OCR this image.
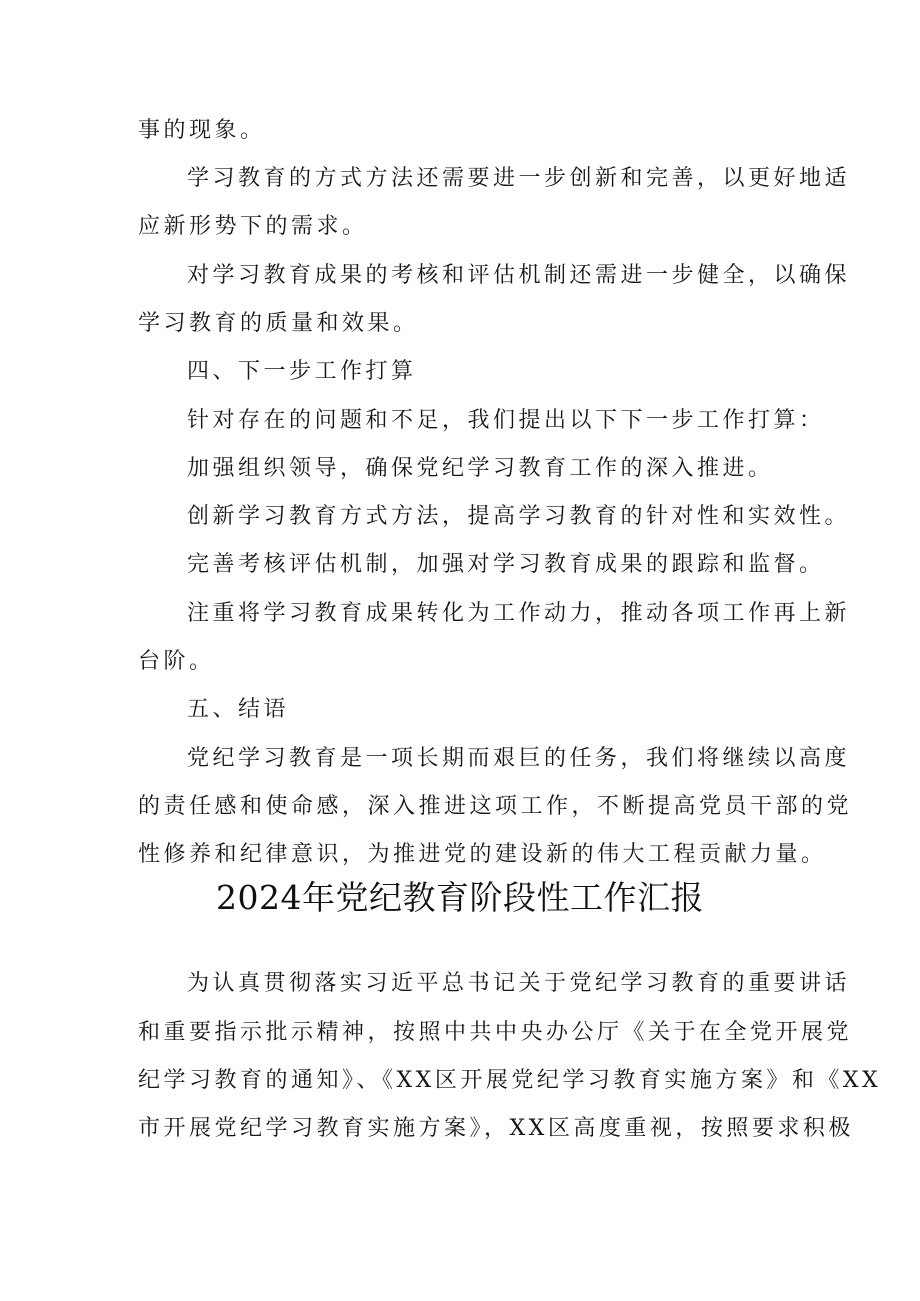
事的现象。

学习教育的方式方法还需要进一步创新和完善，以更好地适

应新形势下的需求。

对学习教育成果的考核和评估机制还需进一步健全，以确保

学习教育的质量和效果。

四、下一步工作打算

针对存在的问题和不足，我们提出以下下一步工作打算：

加强组织领导，确保党纪学习教育工作的深入推进。

创新学习教育方式方法，提高学习教育的针对性和实效性。

完善考核评估机制，加强对学习教育成果的跟踪和监督。

注重将学习教育成果转化为工作动力，推动各项工作再上新

台阶。

五、结语

党纪学习教育是一项长期而艰巨的任务，我们将继续以高度

的责任感和使命感，深入推进这项工作，不断提高党员干部的党

性修养和纪律意识，为推进党的建设新的伟大工程贡献力量。

2024年党纪教育阶段性工作汇报

为认真贯彻落实习近平总书记关于党纪学习教育的重要讲话

和重要指示批示精神，按照中共中央办公厅《关于在全党开展党

纪学习教育的通知》、《XX区开展党纪学习教育实施方案》和《XX

市开展党纪学习教育实施方案》，XX区高度重视，按照要求积极
